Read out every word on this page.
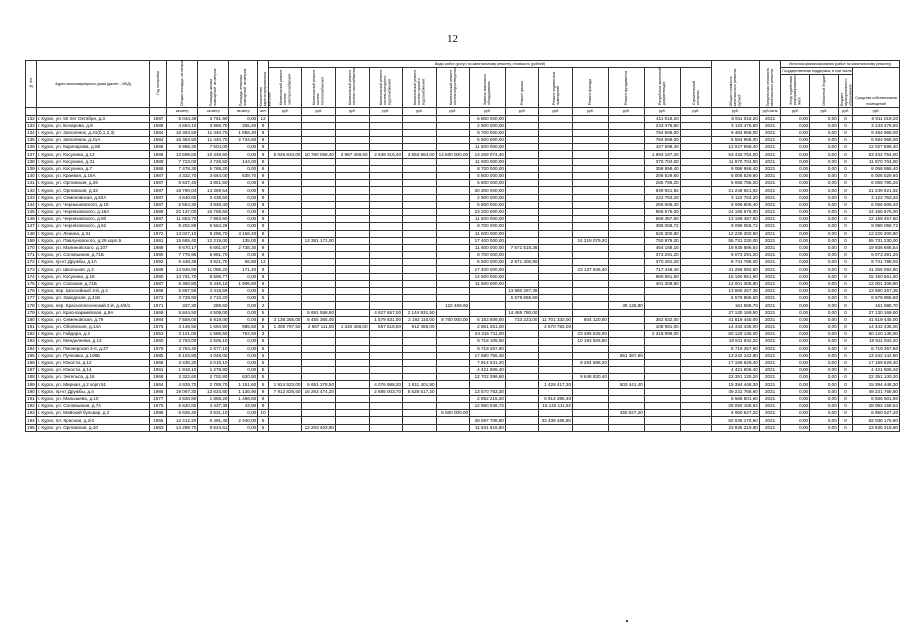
12
№ п/п	Адрес многоквартирного дома (далее – МКД)	Год постройки	Общая площадь, кв.метров	Площадь жилых помещений, кв.метров	Площадь нежилых помещений, кв.метров	Количество зарегистрированных жителей	Виды работ (услуг) по капитальному ремонту, стоимость (рублей)													Общая стоимость капитального ремонта, рублей	Предельная стоимость капитального ремонта	Источник финансирования (работ по капитальному ремонту)			
							Капитальный ремонт систем электроснабжения	Капитальный ремонт систем теплоснабжения	Капитальный ремонт систем газоснабжения	Капитальный ремонт систем холодного водоснабжения	Капитальный ремонт систем горячего водоснабжения	Капитальный ремонт систем водоотведения	Замена лифтового оборудования	Ремонт крыши	Ремонт подвальных помещений	Ремонт фасада	Ремонт фундамента	Разработка проектной документации	Строительный контроль			Государственная поддержка, в том числе			Средства собственников помещений
																						Фонд содействия реформированию ЖКХ	Областной бюджет	Бюджет муниципального образования	
			кв.метр	кв.метр	кв.метр	чел.	руб.	руб.	руб.	руб.	руб.	руб.	руб.	руб.	руб.	руб.	руб.	руб.	руб.	руб.	руб./кв.м	руб.	руб.	руб.	руб.
132	г. Курск, ул. 50 лет Октября, д.3	1987	6 044,49	3 761,90	0,00	12							6 800 000,00					411 019,20		6 911 019,20	2021	0,00	0,00	0	6 911 019,20
133	г. Курск, ул. Бочарова, д.8	1988	4 664,10	3 966,70	355,40	9							2 900 000,00					233 476,80		3 133 476,80	2021	0,00	0,00	0	3 133 476,80
134	г. Курск, ул. Заполянок, д.41(б,1,2,3)	1984	16 353,50	11 440,70	1 858,30	9							8 700 000,00					784 968,00		9 484 968,00	2021	0,00	0,00	0	9 484 968,00
135	г. Курск, ул. Заполянок, д.41А	1984	16 353,50	11 440,70	2 734,60	9							5 800 000,00					784 968,00		6 584 968,00	2021	0,00	0,00	0	6 584 968,00
136	г. Курск, ул. Карачарова, д.59	1988	8 958,30	7 604,00	0,00	9							11 600 000,00					427 598,40		12 027 598,40	2021	0,00	0,00	0	12 027 598,40
137	г. Курск, ул. Косухина, д.13	1986	12 599,60	10 449,60	0,00	9	5 026 834,00	10 760 058,40	3 967 409,60	2 639 316,40	3 653 864,00	14 500 000,00	13 259 074,40					1 693 167,20		53 432 754,00	2021	0,00	0,00	0	53 432 754,00
138	г. Курск, ул. Косухина, д.31	1989	7 723,00	4 726,50	144,00	9							11 600 000,00					370 704,00		11 970 704,00	2021	0,00	0,00	0	11 970 704,00
139	г. Курск, ул. Косухина, д.7	1988	7 478,30	5 788,20	0,00	9							8 700 000,00					358 958,40		9 058 958,40	2021	0,00	0,00	0	9 058 958,40
140	г. Курск, ул. Краевая, д.16А	1987	4 332,70	3 664,00	638,70	9							5 800 000,00					206 529,60		6 006 529,60	2021	0,00	0,00	0	6 006 529,60
141	г. Курск, ул. Орловская, д.26	1987	5 537,40	3 851,50	0,00	9							5 800 000,00					265 795,20		6 065 795,20	2021	0,00	0,00	0	6 065 795,20
142	г. Курск, ул. Орловская, д.32	1987	19 790,04	13 369,54	0,00	9							20 300 000,00					949 921,92		21 249 921,92	2021	0,00	0,00	0	21 249 921,92
143	г. Курск, ул. Семеновская, д.62А	1987	4 640,60	3 438,50	0,00	9							2 900 000,00					222 763,20		3 122 763,20	2021	0,00	0,00	0	3 122 763,20
144	г. Курск, ул. Чернышевского, д.18	1987	5 554,30	3 848,40	0,00	9							5 800 000,00					266 606,40		6 066 606,40	2021	0,00	0,00	0	6 066 606,40
145	г. Курск, ул. Черняховского, д.16А	1989	20 137,00	15 768,50	0,00	9							23 200 000,00					966 576,00		24 166 576,00	2021	0,00	0,00	0	24 166 576,00
146	г. Курск, ул. Черняховского, д.60	1987	11 863,70	7 863,60	0,00	9							11 600 000,00					569 457,60		12 169 457,60	2021	0,00	0,00	0	12 169 457,60
147	г. Курск, ул. Черняховского, д.62	1987	8 292,89	5 564,26	0,00	9							8 700 000,00					398 058,72		9 098 058,72	2021	0,00	0,00	0	9 098 058,72
148	г. Курск, ул. Ленина, д.31	1972	13 027,10	9 296,70	3 156,40	9							11 600 000,00					625 300,80		12 225 300,80	2021	0,00	0,00	0	12 225 300,80
169	г. Курск, ул. Павлуновского, д.29 корп.5	1991	15 665,40	12 219,00	135,00	9		13 381 171,00					17 400 000,00			24 219 079,20		750 979,20		55 731 230,00	2021	0,00	0,00	0	55 731 230,00
170	г. Курск, ул. Малиновского, д.107	1988	9 670,17	6 661,87	2 738,30	9							11 600 000,00	7 671 518,38				464 168,16		19 935 686,54	2021	0,00	0,00	0	19 935 686,54
171	г. Курск, ул. Соловьиная, д.71Б	1990	7 776,95	5 991,70	0,00	9							8 700 000,00					373 291,20		9 073 291,20	2021	0,00	0,00	0	9 073 291,20
172	г. Курск, пр-кт Дружбы, д.1А	1992	6 448,48	3 821,70	66,80	12							6 500 000,00	2 871 306,80				370 491,20		9 741 798,00	2021	0,00	0,00	0	9 741 798,00
173	г. Курск, ул. Школьная, д.3	1988	14 946,80	11 085,20	171,40	9							17 400 000,00			23 137 646,40		717 446,40		41 255 092,80	2021	0,00	0,00	0	41 255 092,80
174	г. Курск, ул. Косухина, д.18	1990	13 761,70	9 596,77	0,00	9							14 500 000,00					660 561,60		15 160 561,60	2021	0,00	0,00	0	15 160 561,60
175	г. Курск, ул. Союзная, д.71Б	1987	8 360,80	6 446,10	1 906,80	9							11 600 000,00					401 308,80		12 001 308,80	2021	0,00	0,00	0	12 001 308,80
176	г. Курск, пер. Шоссейный 3-й, д.4	1969	5 697,59	4 418,59	0,00	5								13 680 267,36						13 680 267,36	2021	0,00	0,00	0	13 680 267,36
177	г. Курск, ул. Заводская, д.41Б	1973	3 729,90	2 710,20	0,00	5								6 579 865,60						6 579 865,60	2021	0,00	0,00	0	6 579 865,60
178	г. Курск, пер. Красноплесенский 2-й, д.4/6/1	1971	337,30	289,60	0,00	2						122 459,90					39 126,80			161 586,70	2021	0,00	0,00	0	161 586,70
179	г. Курск, ул. Красноармейская, д.8А	1969	5 844,50	4 509,00	0,00	5		5 691 558,50		4 827 657,00	2 144 931,50			14 465 780,00						27 130 169,50	2021	0,00	0,00	0	27 130 169,50
180	г. Курск, ул. Семеновская, д.79	1984	7 559,00	5 918,00	0,00	9	3 136 365,00	6 455 365,00		1 579 631,00	2 192 110,00	8 700 000,00	6 153 506,00	733 223,00	11 701 332,00	604 120,00		362 832,00		41 619 445,00	2021	0,00	0,00	0	41 619 445,00
181	г. Курск, ул. Обоянская, д.14А	1975	3 146,50	1 694,90	985,60	5	1 305 797,50	2 667 111,00	1 340 408,00	657 618,50	912 465,00		2 561 251,00		4 870 782,00			108 981,00		14 442 435,00	2021	0,00	0,00	0	14 442 435,00
182	г. Курск, ул. Гайдара, д.2	1953	3 121,00	1 585,50	762,60	3							24 315 711,00			23 485 525,00		2 318 999,00		50 120 135,00	2021	0,00	0,00	0	50 120 135,00
183	г. Курск, ул. Менделеева, д.13	1960	3 783,00	2 506,10	0,00	5							8 718 105,50			10 193 826,60				18 911 932,20	2021	0,00	0,00	0	18 911 932,20
184	г. Курск, ул. Пионерская 3-я, д.27	1979	3 784,40	2 677,10	0,00	5							8 719 257,60							8 719 257,60	2021	0,00	0,00	0	8 719 257,60
185	г. Курск, ул. Пучковка, д.108Б	1985	5 103,80	4 048,00	0,00	5							17 680 755,30				561 387,60			13 242 142,80	2021	0,00	0,00	0	13 242 142,80
186	г. Курск, ул. Юности, д.12	1966	3 436,20	2 016,10	0,00	5							7 914 531,20			9 254 698,20				17 169 629,40	2021	0,00	0,00	0	17 169 629,40
187	г. Курск, ул. Юности, д.14	1961	1 919,10	1 278,90	0,00	5							4 421 606,40							4 421 606,40	2021	0,00	0,00	0	4 421 606,40
188	г. Курск, ул. Энгельса, д.16	1968	3 322,60	2 702,80	620,50	5							12 702 299,60			9 648 830,40				22 351 130,20	2021	0,00	0,00	0	22 351 130,20
189	г. Курск, ул. Мирная, д.2 корп.51	1964	4 935,70	2 789,70	1 151,60	5	1 924 923,00	5 651 378,50		4 076 988,20	1 811 401,90				1 428 417,30		503 441,40			15 394 448,30	2021	0,00	0,00	0	15 394 448,30
190	г. Курск, пр-кт Дружбы, д.4	1986	19 067,30	13 634,80	1 136,90	9	7 912 826,50	16 293 474,20		2 885 003,70	5 529 517,20		13 570 783,30							49 231 768,60	2021	0,00	0,00	0	49 231 768,60
191	г. Курск, ул. Малышева, д.10	1977	3 826,80	1 868,20	1 486,60	9							2 952 215,20		5 614 286,40					8 566 501,60	2021	0,00	0,00	0	8 566 501,60
192	г. Курск, ул. Соловьиная, д.74	1975	5 620,60	4 437,38	43,90	9							12 950 046,72		15 142 111,92					28 092 158,64	2021	0,00	0,00	0	28 092 158,64
193	г. Курск, ул. Майский бульвар, д.2	1996	6 625,40	3 531,10	0,00	10						6 500 000,00					450 527,20			6 950 527,20	2021	0,00	0,00	0	6 950 527,20
194	г. Курск, пл. Красная, д.2/4	1955	12 412,20	6 491,40	2 440,00	5							28 597 708,80		33 438 466,80					62 036 175,60	2021	0,00	0,00	0	62 036 175,60
195	г. Курск, ул. Орловская, д.10	1963	14 289,70	9 624,61	0,00	5		12 203 403,80					11 631 815,80							23 835 219,60	2021	0,00	0,00	0	23 835 219,60
